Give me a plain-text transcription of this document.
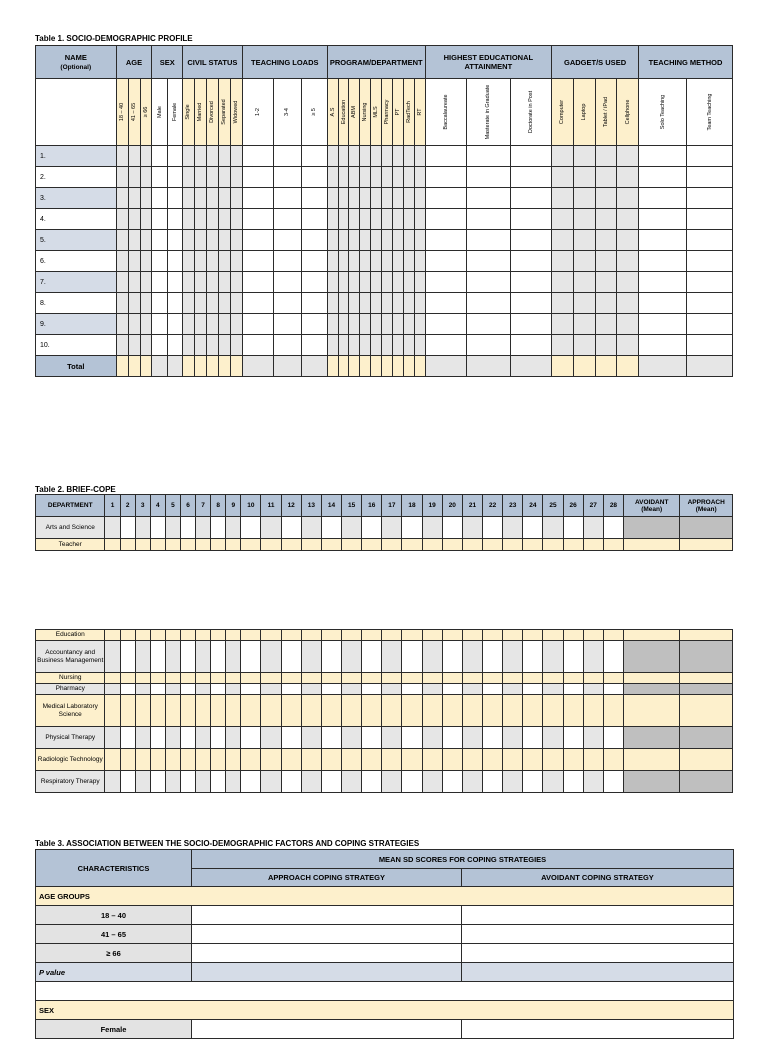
Table 1. SOCIO-DEMOGRAPHIC PROFILE
NAME
(Optional)	AGE			SEX		CIVIL STATUS					TEACHING LOADS			PROGRAM/DEPARTMENT									HIGHEST EDUCATIONAL ATTAINMENT			GADGET/S USED				TEACHING METHOD	

	18 – 40	41 – 65	≥ 66	Male	Female	Single	Married	Divorced	Separated	Widowed	1-2	3-4	≥ 5	A.S	Education	ABM	Nursing	MLS	Pharmacy	PT	RadTech	RT	Baccalaureate	Masterate in Graduate	Doctorate in Post	Computer	Laptop	Tablet / iPad	Cellphone	Solo Teaching	Team Teaching

1.																															
2.																															
3.																															
4.																															
5.																															
6.																															
7.																															
8.																															
9.																															
10.																															
Total																															
Table 2. BRIEF-COPE
DEPARTMENT	1	2	3	4	5	6	7	8	9	10	11	12	13	14	15	16	17	18	19	20	21	22	23	24	25	26	27	28	AVOIDANT (Mean)	APPROACH (Mean)
Arts and Science																														
Teacher																														
Education																														
Accountancy and Business Management																														
Nursing																														
Pharmacy																														
Medical Laboratory Science																														
Physical Therapy																														
Radiologic Technology																														
Respiratory Therapy																														
Table 3. ASSOCIATION BETWEEN THE SOCIO-DEMOGRAPHIC FACTORS AND COPING STRATEGIES
CHARACTERISTICS	MEAN SD SCORES FOR COPING STRATEGIES	
	APPROACH COPING STRATEGY	AVOIDANT COPING STRATEGY
AGE GROUPS		
18 – 40		
41 – 65		
≥ 66		
P value		

SEX		
Female		
